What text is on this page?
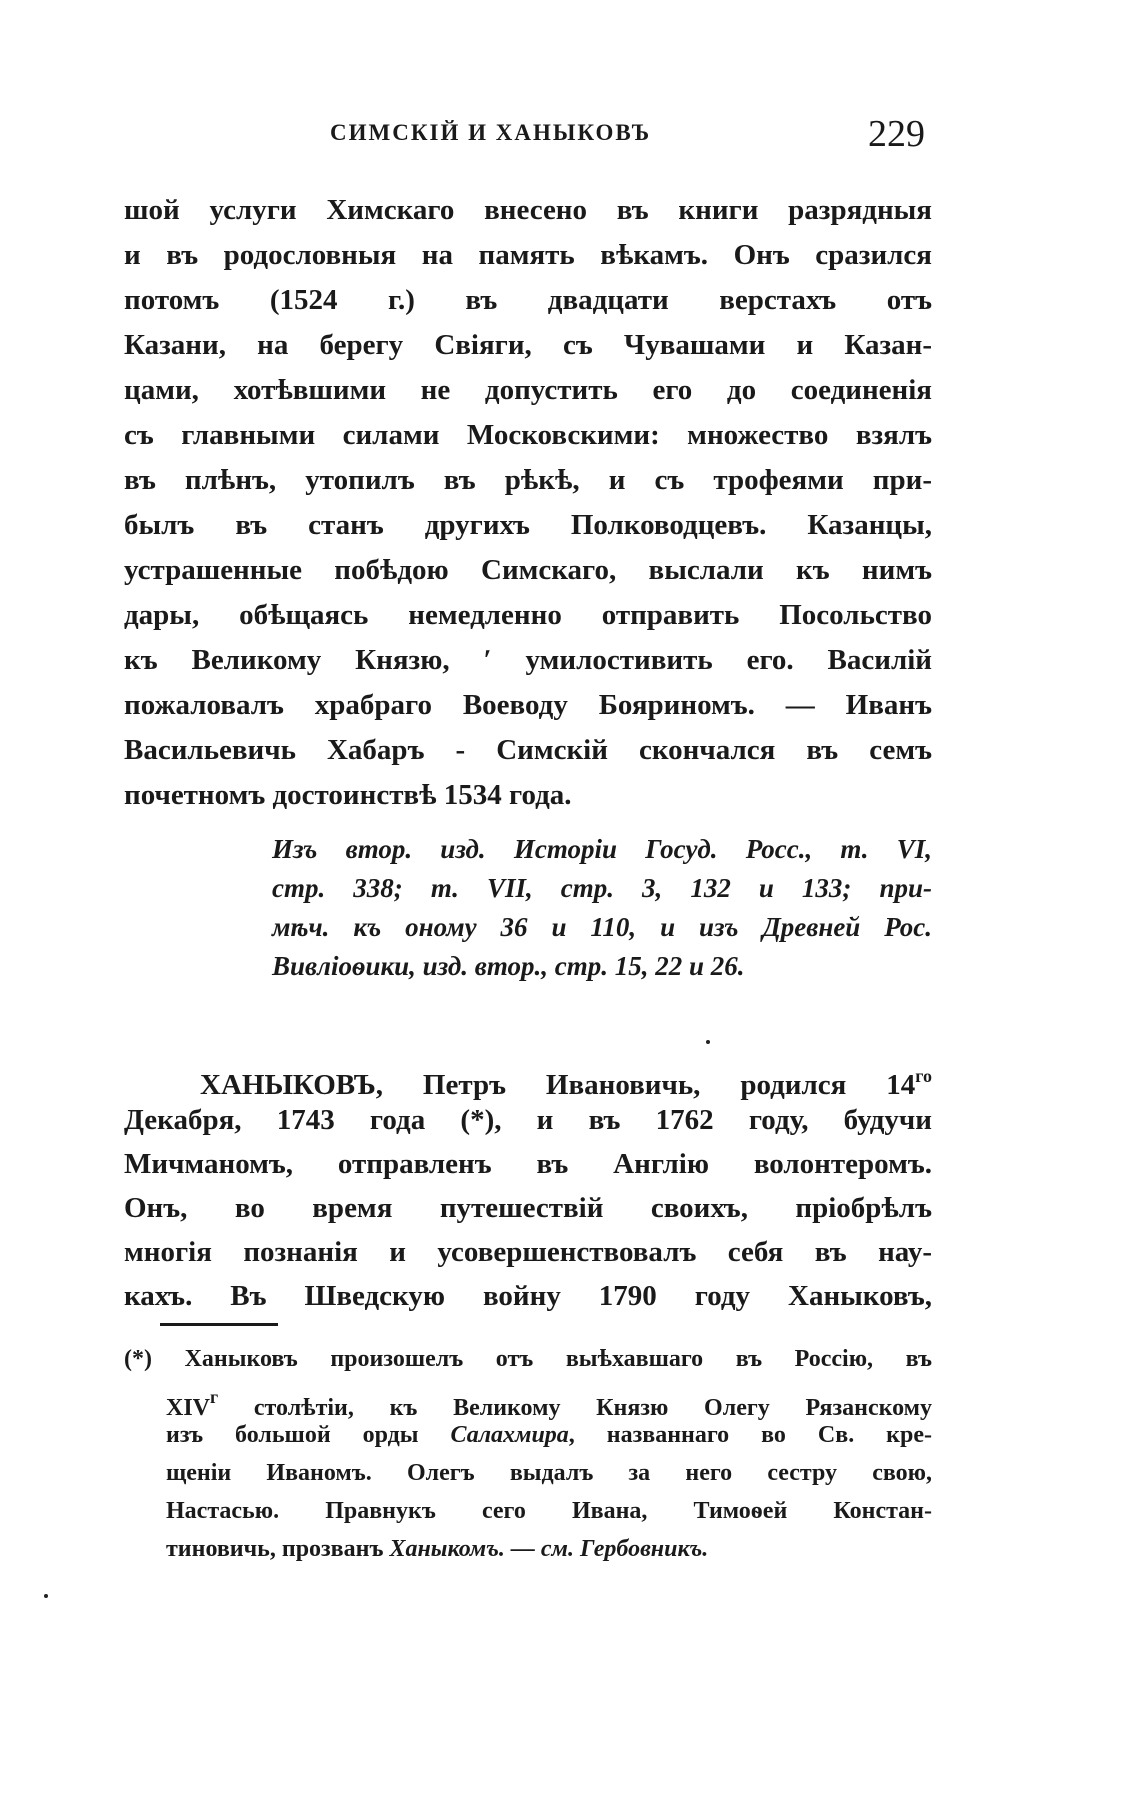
СИМСКІЙ И ХАНЫКОВЪ	229
шой услуги Химскаго внесено въ книги разрядныя
и въ родословныя на память вѣкамъ. Онъ сразился
потомъ (1524 г.) въ двадцати верстахъ отъ
Казани, на берегу Свіяги, съ Чувашами и Казан-
цами, хотѣвшими не допустить его до соединенія
съ главными силами Московскими: множество взялъ
въ плѣнъ, утопилъ въ рѣкѣ, и съ трофеями при-
былъ въ станъ другихъ Полководцевъ. Казанцы,
устрашенные побѣдою Симскаго, выслали къ нимъ
дары, обѣщаясь немедленно отправить Посольство
къ Великому Князю, ʹ умилостивить его. Василій
пожаловалъ храбраго Воеводу Бояриномъ. — Иванъ
Васильевичь Хабаръ - Симскій скончался въ семъ
почетномъ достоинствѣ 1534 года.
Изъ втор. изд. Исторіи Госуд. Росс., т. VI,
стр. 338; т. VII, стр. 3, 132 и 133; при-
мѣч. къ оному 36 и 110, и изъ Древней Рос.
Вивліоѳики, изд. втор., стр. 15, 22 и 26.
ХАНЫКОВЪ, Петръ Ивановичь, родился $14^{го}$
Декабря, 1743 года (*), и въ 1762 году, будучи
Мичманомъ, отправленъ въ Англію волонтеромъ.
Онъ, во время путешествій своихъ, пріобрѣлъ
многія познанія и усовершенствовалъ себя въ нау-
кахъ. Въ Шведскую войну 1790 году Ханыковъ,
(*) Ханыковъ произошелъ отъ выѣхавшаго въ Россію, въ
$XIV^г$ столѣтіи, къ Великому Князю Олегу Рязанскому
изъ большой орды Салахмира, названнаго во Св. кре-
щеніи Иваномъ. Олегъ выдалъ за него сестру свою,
Настасью. Правнукъ сего Ивана, Тимоѳей Констан-
тиновичь, прозванъ Ханыкомъ. — см. Гербовникъ.
